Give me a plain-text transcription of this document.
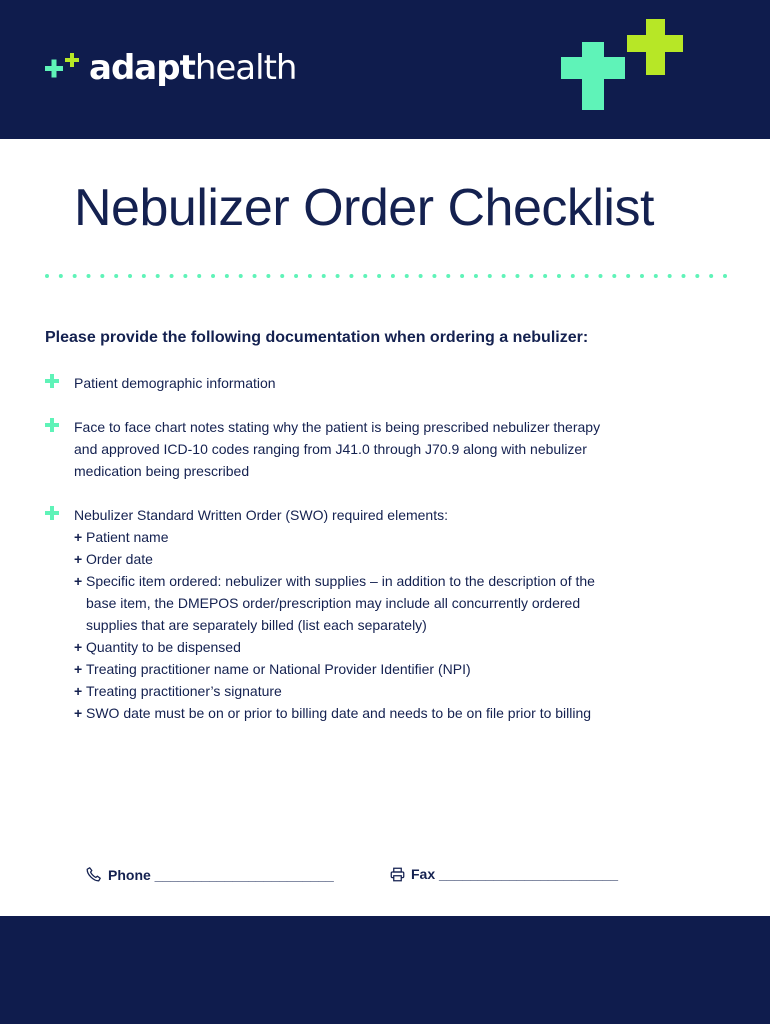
adapthealth
Nebulizer Order Checklist

Please provide the following documentation when ordering a nebulizer:

Patient demographic information
Face to face chart notes stating why the patient is being prescribed nebulizer therapy
and approved ICD-10 codes ranging from J41.0 through J70.9 along with nebulizer
medication being prescribed
Nebulizer Standard Written Order (SWO) required elements:
+ Patient name
+ Order date
+ Specific item ordered: nebulizer with supplies – in addition to the description of the
base item, the DMEPOS order/prescription may include all concurrently ordered
supplies that are separately billed (list each separately)
+ Quantity to be dispensed
+ Treating practitioner name or National Provider Identifier (NPI)
+ Treating practitioner’s signature
+ SWO date must be on or prior to billing date and needs to be on file prior to billing
Phone
_______________________	Fax
_______________________
